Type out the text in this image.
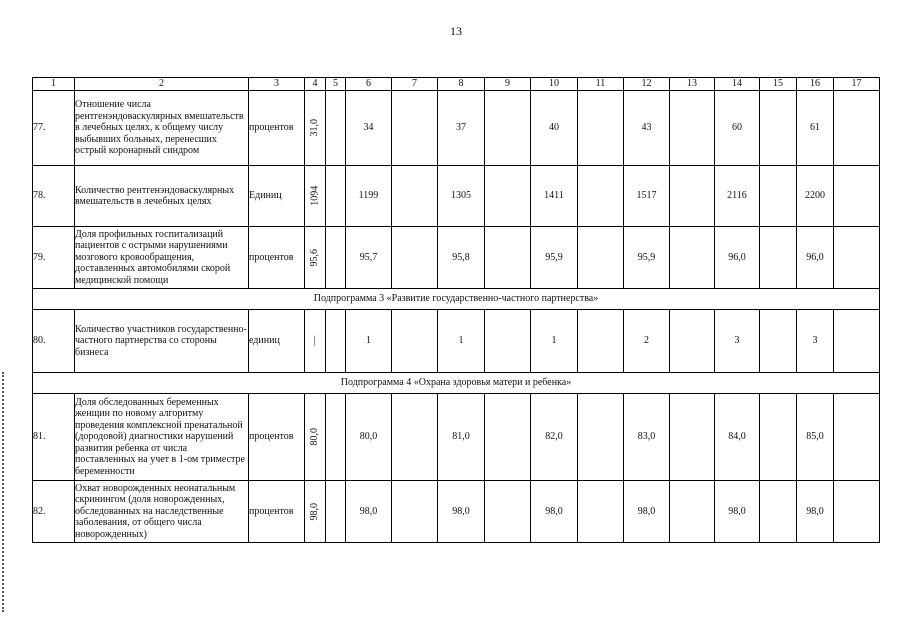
13
1	2	3	4	5	6	7	8	9	10	11	12	13	14	15	16	17
77.	Отношение числа рентгенэндоваскулярных вмешательств в лечебных целях, к общему числу выбывших больных, перенесших острый коронарный синдром	процентов	31,0		34		37		40		43		60		61	
78.	Количество рентгенэндоваскулярных вмешательств в лечебных целях	Единиц	1094		1199		1305		1411		1517		2116		2200	
79.	Доля профильных госпитализаций пациентов с острыми нарушениями мозгового кровообращения, доставленных автомобилями скорой медицинской помощи	процентов	95,6		95,7		95,8		95,9		95,9		96,0		96,0	
Подпрограмма 3 «Развитие государственно-частного партнерства»																
80.	Количество участников государственно-частного партнерства со стороны бизнеса	единиц	—		1		1		1		2		3		3	
Подпрограмма 4 «Охрана здоровья матери и ребенка»																
81.	Доля обследованных беременных женщин по новому алгоритму проведения комплексной пренатальной (дородовой) диагностики нарушений развития ребенка от числа поставленных на учет в 1-ом триместре беременности	процентов	80,0		80,0		81,0		82,0		83,0		84,0		85,0	
82.	Охват новорожденных неонатальным скринингом (доля новорожденных, обследованных на наследственные заболевания, от общего числа новорожденных)	процентов	98,0		98,0		98,0		98,0		98,0		98,0		98,0	
